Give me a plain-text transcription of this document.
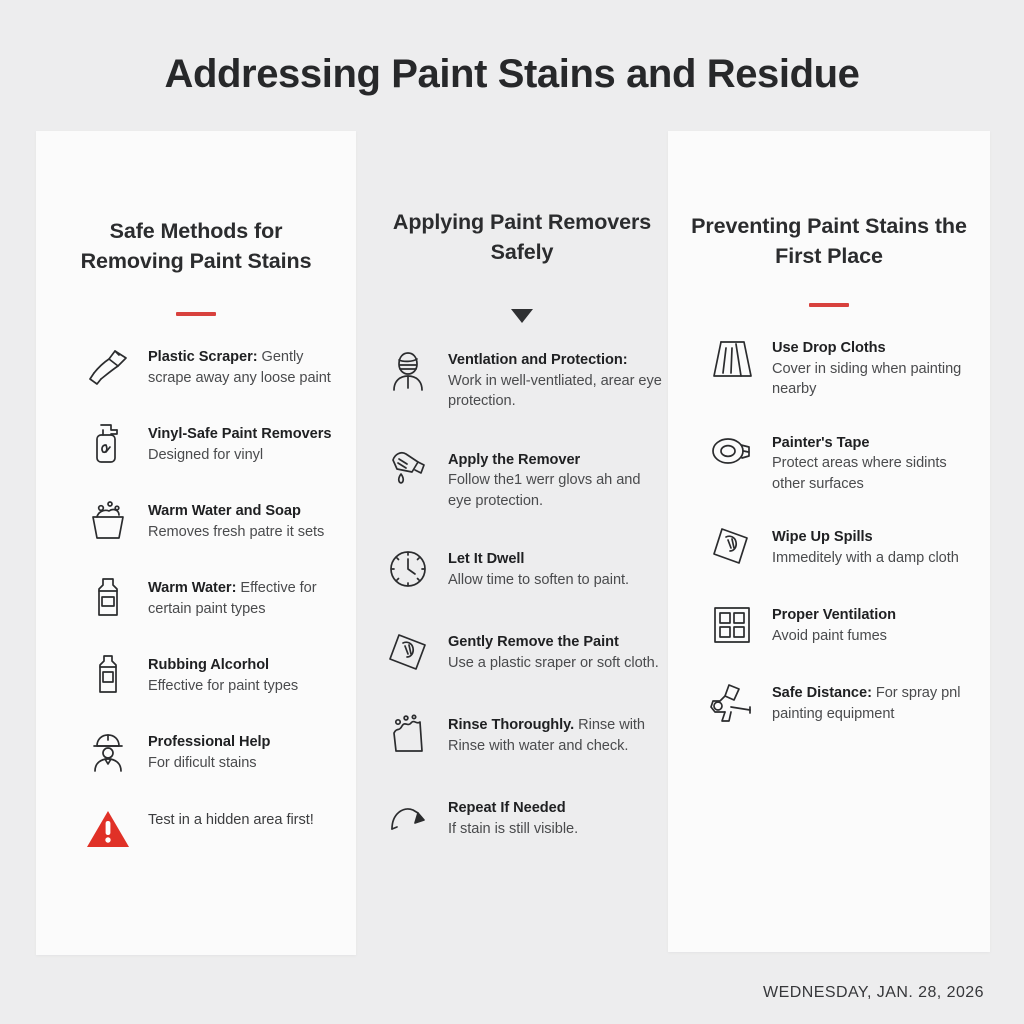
Addressing Paint Stains and Residue
Safe Methods for Removing Paint Stains
Plastic Scraper: Gently scrape away any loose paint
Vinyl-Safe Paint Removers
Designed for vinyl
Warm Water and Soap
Removes fresh patre it sets
Warm Water: Effective for certain paint types
Rubbing Alcorhol
Effective for paint types
Professional Help
For dificult stains
Test in a hidden area first!
Applying Paint Removers Safely
Ventlation and Protection:
Work in well-ventliated, arear eye protection.
Apply the Remover
Follow the1 werr glovs ah and eye protection.
Let It Dwell
Allow time to soften to paint.
Gently Remove the Paint
Use a plastic sraper or soft cloth.
Rinse Thoroughly. Rinse with Rinse with water and check.
Repeat If Needed
If stain is still visible.
Preventing Paint Stains the First Place
Use Drop Cloths
Cover in siding when painting nearby
Painter's Tape
Protect areas where sidints other surfaces
Wipe Up Spills
Immeditely with a damp cloth
Proper Ventilation
Avoid paint fumes
Safe Distance: For spray pnl painting equipment
WEDNESDAY, JAN. 28, 2026
